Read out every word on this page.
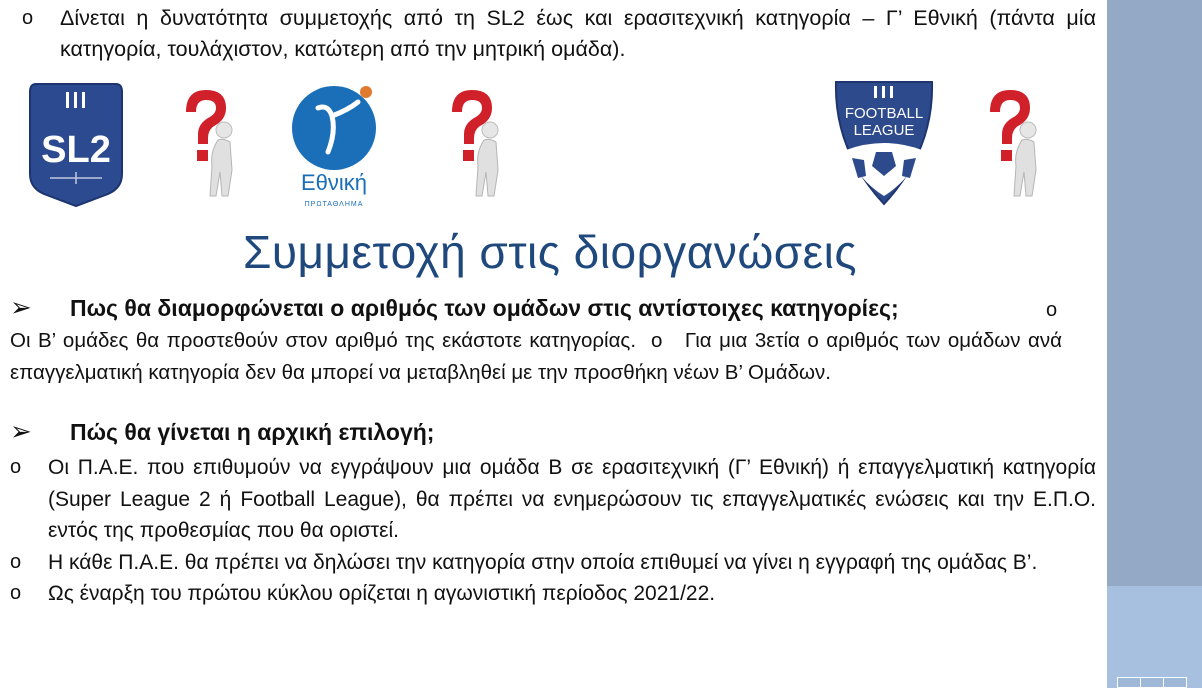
o Δίνεται η δυνατότητα συμμετοχής από τη SL2 έως και ερασιτεχνική κατηγορία – Γ’ Εθνική (πάντα μία κατηγορία, τουλάχιστον, κατώτερη από την μητρική ομάδα).
SL2
Εθνική
ΠΡΩΤΑΘΛΗΜΑ
FOOTBALL
LEAGUE
Συμμετοχή στις διοργανώσεις
➢ Πως θα διαμορφώνεται ο αριθμός των ομάδων στις αντίστοιχες κατηγορίες;	o
Οι Β’ ομάδες θα προστεθούν στον αριθμό της εκάστοτε κατηγορίας. o Για μια 3ετία ο αριθμός των ομάδων ανά επαγγελματική κατηγορία δεν θα μπορεί να μεταβληθεί με την προσθήκη νέων Β’ Ομάδων.
➢ Πώς θα γίνεται η αρχική επιλογή;
o Οι Π.Α.Ε. που επιθυμούν να εγγράψουν μια ομάδα Β σε ερασιτεχνική (Γ’ Εθνική) ή επαγγελματική κατηγορία (Super League 2 ή Football League), θα πρέπει να ενημερώσουν τις επαγγελματικές ενώσεις και την Ε.Π.Ο. εντός της προθεσμίας που θα οριστεί.
o Η κάθε Π.Α.Ε. θα πρέπει να δηλώσει την κατηγορία στην οποία επιθυμεί να γίνει η εγγραφή της ομάδας Β’.
o Ως έναρξη του πρώτου κύκλου ορίζεται η αγωνιστική περίοδος 2021/22.
